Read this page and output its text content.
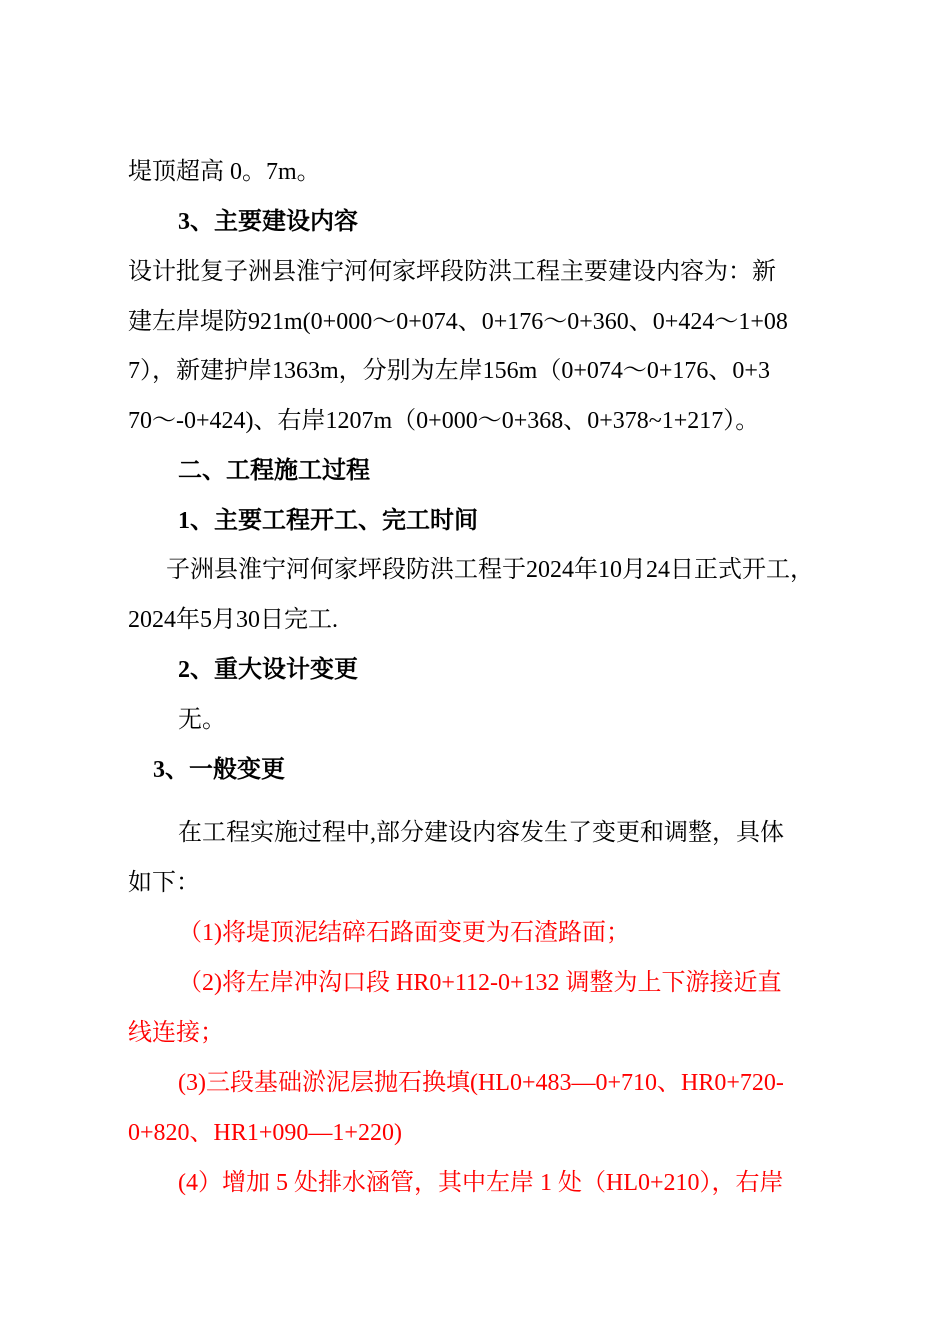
堤顶超高 0。7m。
3、主要建设内容
设计批复子洲县淮宁河何家坪段防洪工程主要建设内容为：新
建左岸堤防921m(0+000～0+074、0+176～0+360、0+424～1+08
7），新建护岸1363m，分别为左岸156m（0+074～0+176、0+3
70～-0+424)、右岸1207m（0+000～0+368、0+378~1+217）。
二、工程施工过程
1、主要工程开工、完工时间
子洲县淮宁河何家坪段防洪工程于2024年10月24日正式开工，
2024年5月30日完工.
2、重大设计变更
无。
3、一般变更
在工程实施过程中,部分建设内容发生了变更和调整，具体
如下：
（1)将堤顶泥结碎石路面变更为石渣路面；
（2)将左岸冲沟口段 HR0+112-0+132 调整为上下游接近直
线连接；
(3)三段基础淤泥层抛石换填(HL0+483—0+710、HR0+720-
0+820、HR1+090—1+220)
(4）增加 5 处排水涵管，其中左岸 1 处（HL0+210），右岸
